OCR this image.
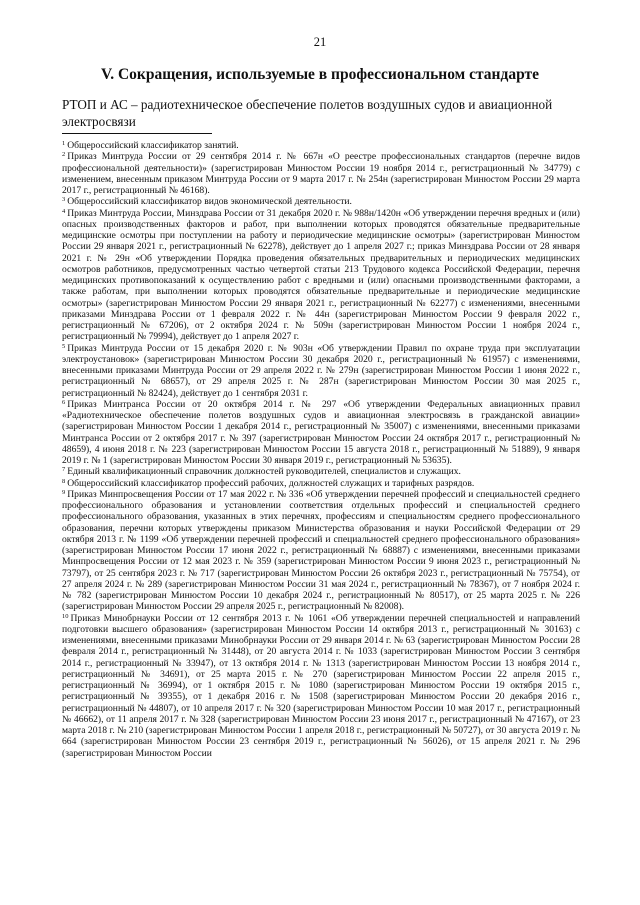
21
V. Сокращения, используемые в профессиональном стандарте
РТОП и АС – радиотехническое обеспечение полетов воздушных судов и авиационной электросвязи

$^1$ Общероссийский классификатор занятий.

$^2$ Приказ Минтруда России от 29 сентября 2014 г. № 667н «О реестре профессиональных стандартов (перечне видов профессиональной деятельности)» (зарегистрирован Минюстом России 19 ноября 2014 г., регистрационный № 34779) с изменением, внесенным приказом Минтруда России от 9 марта 2017 г. № 254н (зарегистрирован Минюстом России 29 марта 2017 г., регистрационный № 46168).

$^3$ Общероссийский классификатор видов экономической деятельности.

$^4$ Приказ Минтруда России, Минздрава России от 31 декабря 2020 г. № 988н/1420н «Об утверждении перечня вредных и (или) опасных производственных факторов и работ, при выполнении которых проводятся обязательные предварительные медицинские осмотры при поступлении на работу и периодические медицинские осмотры» (зарегистрирован Минюстом России 29 января 2021 г., регистрационный № 62278), действует до 1 апреля 2027 г.; приказ Минздрава России от 28 января 2021 г. № 29н «Об утверждении Порядка проведения обязательных предварительных и периодических медицинских осмотров работников, предусмотренных частью четвертой статьи 213 Трудового кодекса Российской Федерации, перечня медицинских противопоказаний к осуществлению работ с вредными и (или) опасными производственными факторами, а также работам, при выполнении которых проводятся обязательные предварительные и периодические медицинские осмотры» (зарегистрирован Минюстом России 29 января 2021 г., регистрационный № 62277) с изменениями, внесенными приказами Минздрава России от 1 февраля 2022 г. № 44н (зарегистрирован Минюстом России 9 февраля 2022 г., регистрационный № 67206), от 2 октября 2024 г. № 509н (зарегистрирован Минюстом России 1 ноября 2024 г., регистрационный № 79994), действует до 1 апреля 2027 г.

$^5$ Приказ Минтруда России от 15 декабря 2020 г. № 903н «Об утверждении Правил по охране труда при эксплуатации электроустановок» (зарегистрирован Минюстом России 30 декабря 2020 г., регистрационный № 61957) с изменениями, внесенными приказами Минтруда России от 29 апреля 2022 г. № 279н (зарегистрирован Минюстом России 1 июня 2022 г., регистрационный № 68657), от 29 апреля 2025 г. № 287н (зарегистрирован Минюстом России 30 мая 2025 г., регистрационный № 82424), действует до 1 сентября 2031 г.

$^6$ Приказ Минтранса России от 20 октября 2014 г. № 297 «Об утверждении Федеральных авиационных правил «Радиотехническое обеспечение полетов воздушных судов и авиационная электросвязь в гражданской авиации» (зарегистрирован Минюстом России 1 декабря 2014 г., регистрационный № 35007) с изменениями, внесенными приказами Минтранса России от 2 октября 2017 г. № 397 (зарегистрирован Минюстом России 24 октября 2017 г., регистрационный № 48659), 4 июня 2018 г. № 223 (зарегистрирован Минюстом России 15 августа 2018 г., регистрационный № 51889), 9 января 2019 г. № 1 (зарегистрирован Минюстом России 30 января 2019 г., регистрационный № 53635).

$^7$ Единый квалификационный справочник должностей руководителей, специалистов и служащих.

$^8$ Общероссийский классификатор профессий рабочих, должностей служащих и тарифных разрядов.

$^9$ Приказ Минпросвещения России от 17 мая 2022 г. № 336 «Об утверждении перечней профессий и специальностей среднего профессионального образования и установлении соответствия отдельных профессий и специальностей среднего профессионального образования, указанных в этих перечнях, профессиям и специальностям среднего профессионального образования, перечни которых утверждены приказом Министерства образования и науки Российской Федерации от 29 октября 2013 г. № 1199 «Об утверждении перечней профессий и специальностей среднего профессионального образования» (зарегистрирован Минюстом России 17 июня 2022 г., регистрационный № 68887) с изменениями, внесенными приказами Минпросвещения России от 12 мая 2023 г. № 359 (зарегистрирован Минюстом России 9 июня 2023 г., регистрационный № 73797), от 25 сентября 2023 г. № 717 (зарегистрирован Минюстом России 26 октября 2023 г., регистрационный № 75754), от 27 апреля 2024 г. № 289 (зарегистрирован Минюстом России 31 мая 2024 г., регистрационный № 78367), от 7 ноября 2024 г. № 782 (зарегистрирован Минюстом России 10 декабря 2024 г., регистрационный № 80517), от 25 марта 2025 г. № 226 (зарегистрирован Минюстом России 29 апреля 2025 г., регистрационный № 82008).

$^{10}$ Приказ Минобрнауки России от 12 сентября 2013 г. № 1061 «Об утверждении перечней специальностей и направлений подготовки высшего образования» (зарегистрирован Минюстом России 14 октября 2013 г., регистрационный № 30163) с изменениями, внесенными приказами Минобрнауки России от 29 января 2014 г. № 63 (зарегистрирован Минюстом России 28 февраля 2014 г., регистрационный № 31448), от 20 августа 2014 г. № 1033 (зарегистрирован Минюстом России 3 сентября 2014 г., регистрационный № 33947), от 13 октября 2014 г. № 1313 (зарегистрирован Минюстом России 13 ноября 2014 г., регистрационный № 34691), от 25 марта 2015 г. № 270 (зарегистрирован Минюстом России 22 апреля 2015 г., регистрационный № 36994), от 1 октября 2015 г. № 1080 (зарегистрирован Минюстом России 19 октября 2015 г., регистрационный № 39355), от 1 декабря 2016 г. № 1508 (зарегистрирован Минюстом России 20 декабря 2016 г., регистрационный № 44807), от 10 апреля 2017 г. № 320 (зарегистрирован Минюстом России 10 мая 2017 г., регистрационный № 46662), от 11 апреля 2017 г. № 328 (зарегистрирован Минюстом России 23 июня 2017 г., регистрационный № 47167), от 23 марта 2018 г. № 210 (зарегистрирован Минюстом России 1 апреля 2018 г., регистрационный № 50727), от 30 августа 2019 г. № 664 (зарегистрирован Минюстом России 23 сентября 2019 г., регистрационный № 56026), от 15 апреля 2021 г. № 296 (зарегистрирован Минюстом России
